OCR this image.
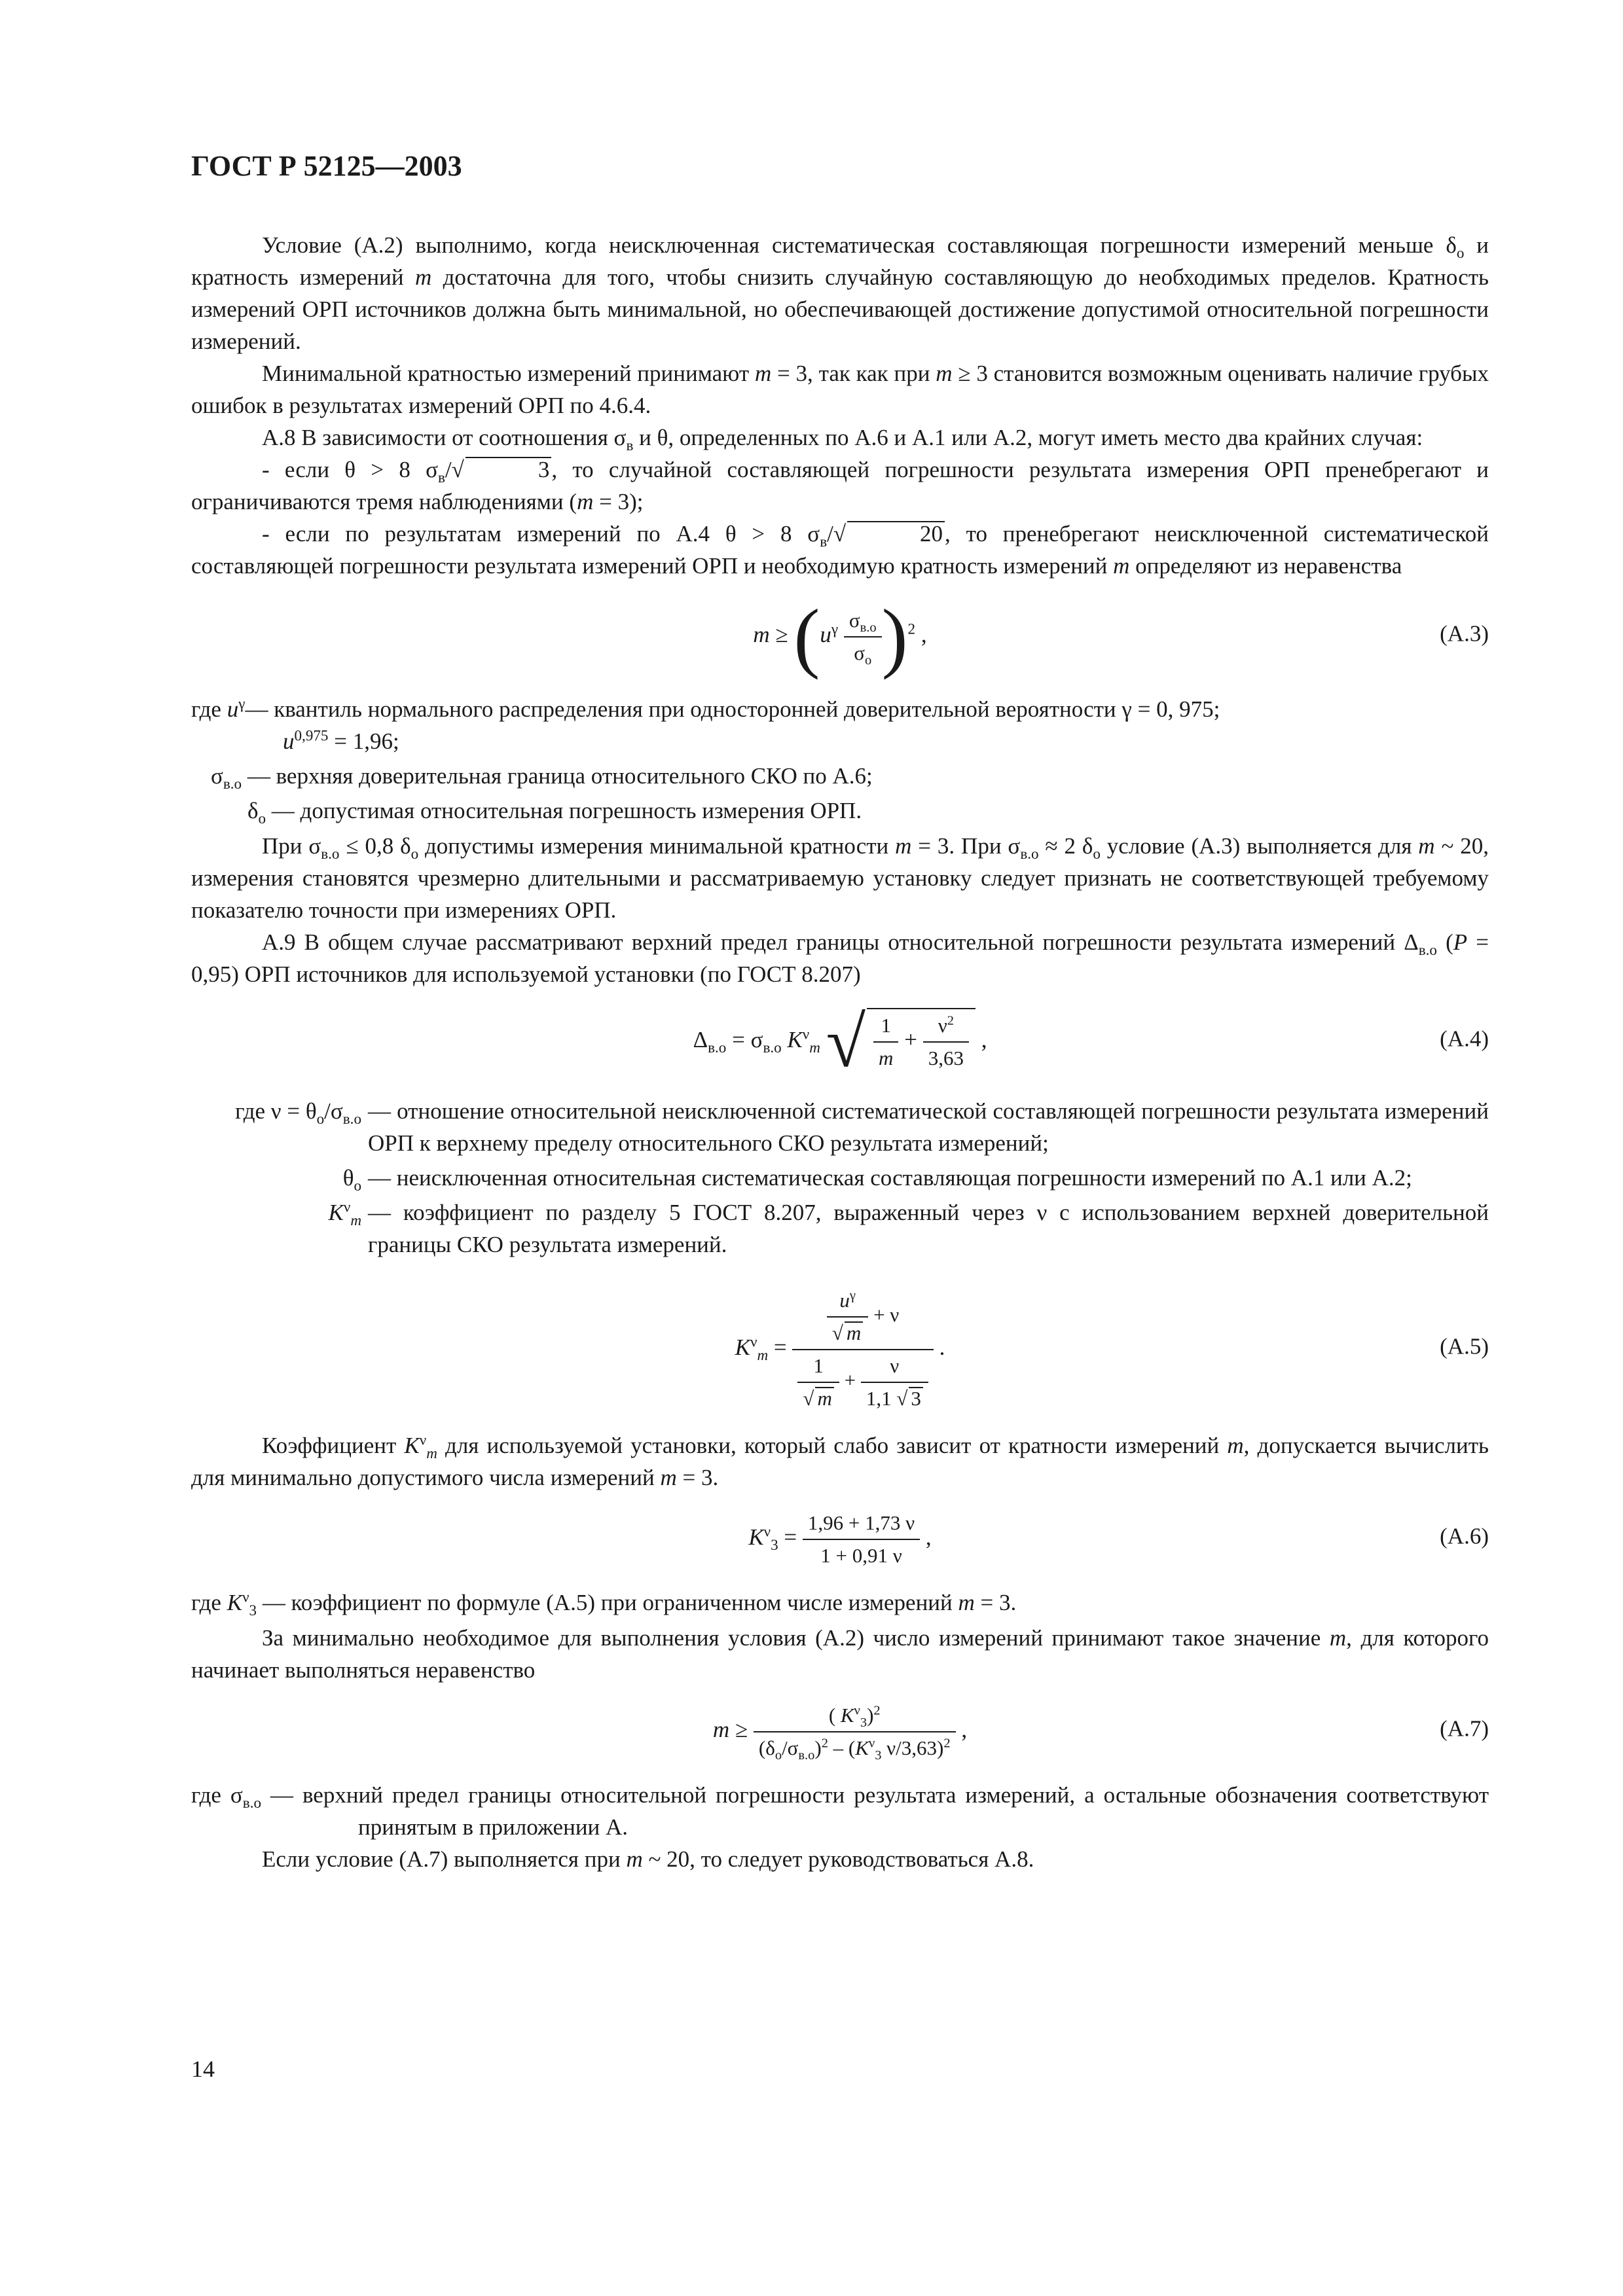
ГОСТ Р 52125—2003

Условие (А.2) выполнимо, когда неисключенная систематическая составляющая погрешности измерений меньше $\delta_о$ и кратность измерений m достаточна для того, чтобы снизить случайную составляющую до необходимых пределов. Кратность измерений ОРП источников должна быть минимальной, но обеспечивающей достижение допустимой относительной погрешности измерений.

Минимальной кратностью измерений принимают m = 3, так как при m ≥ 3 становится возможным оценивать наличие грубых ошибок в результатах измерений ОРП по 4.6.4.

А.8 В зависимости от соотношения $\sigma_в$ и θ, определенных по А.6 и А.1 или А.2, могут иметь место два крайних случая:

- если θ > 8 $\sigma_в/√$	3, то случайной составляющей погрешности результата измерения ОРП пренебрегают и ограничиваются тремя наблюдениями (m = 3);

- если по результатам измерений по А.4 θ > 8 $\sigma_в/√$	20, то пренебрегают неисключенной систематической составляющей погрешности результата измерений ОРП и необходимую кратность измерений m определяют из неравенства

$m \ge (u^\gamma \frac{\sigma_{в.о}}{\sigma_о} )^2$ ,	(А.3)
где $u^\gamma$ — квантиль нормального распределения при односторонней доверительной вероятности γ = 0, 975;

$u^{0,975} = 1,96$;

$\sigma_{в.о}$ — верхняя доверительная граница относительного СКО по А.6;

$\delta_о$ — допустимая относительная погрешность измерения ОРП.

При $\sigma_{в.о} \le 0,8$ $\delta_о$ допустимы измерения минимальной кратности m = 3. При $\sigma_{в.о} \approx 2$ $\delta_о$ условие (А.3) выполняется для m ~ 20, измерения становятся чрезмерно длительными и рассматриваемую установку следует признать не соответствующей требуемому показателю точности при измерениях ОРП.

А.9 В общем случае рассматривают верхний предел границы относительной погрешности результата измерений $\Delta_{в.о}$ (P = 0,95) ОРП источников для используемой установки (по ГОСТ 8.207)

$\Delta_{в.о} = \sigma_{в.о}$ $K^\nu_m$ √ $\frac{1}{m} + \frac{\nu^2}{3,63}$ ,	(А.4)
где $\nu = \theta_о/\sigma_{в.о}$ — отношение относительной неисключенной систематической составляющей погрешности результата измерений ОРП к верхнему пределу относительного СКО результата измерений;
$\theta_о$ — неисключенная относительная систематическая составляющая погрешности измерений по А.1 или А.2;
$K^\nu_m$ — коэффициент по разделу 5 ГОСТ 8.207, выраженный через ν с использованием верхней доверительной границы СКО результата измерений.
$K^\nu_m = \frac{\frac{u^\gamma}{√ m} + \nu}{\frac{1}{√ m} + \frac{\nu}{1,1 √ 3}}$ .	(А.5)

Коэффициент $K^\nu_m$ для используемой установки, который слабо зависит от кратности измерений m, допускается вычислить для минимально допустимого числа измерений m = 3.

$K^\nu_3 = \frac{1,96 + 1,73 \nu}{1 + 0,91 \nu}$ ,	(А.6)

где $K^\nu_3$ — коэффициент по формуле (А.5) при ограниченном числе измерений m = 3.

За минимально необходимое для выполнения условия (А.2) число измерений принимают такое значение m, для которого начинает выполняться неравенство

$m \ge \frac{( K^\nu_3)^2}{(\delta_о/\sigma_{в.о})^2 - (K^\nu_3 \nu/3,63)^2}$ ,	(А.7)

где $\sigma_{в.о}$ — верхний предел границы относительной погрешности результата измерений, а остальные обозначения соответствуют принятым в приложении А.

Если условие (А.7) выполняется при m ~ 20, то следует руководствоваться А.8.

14
